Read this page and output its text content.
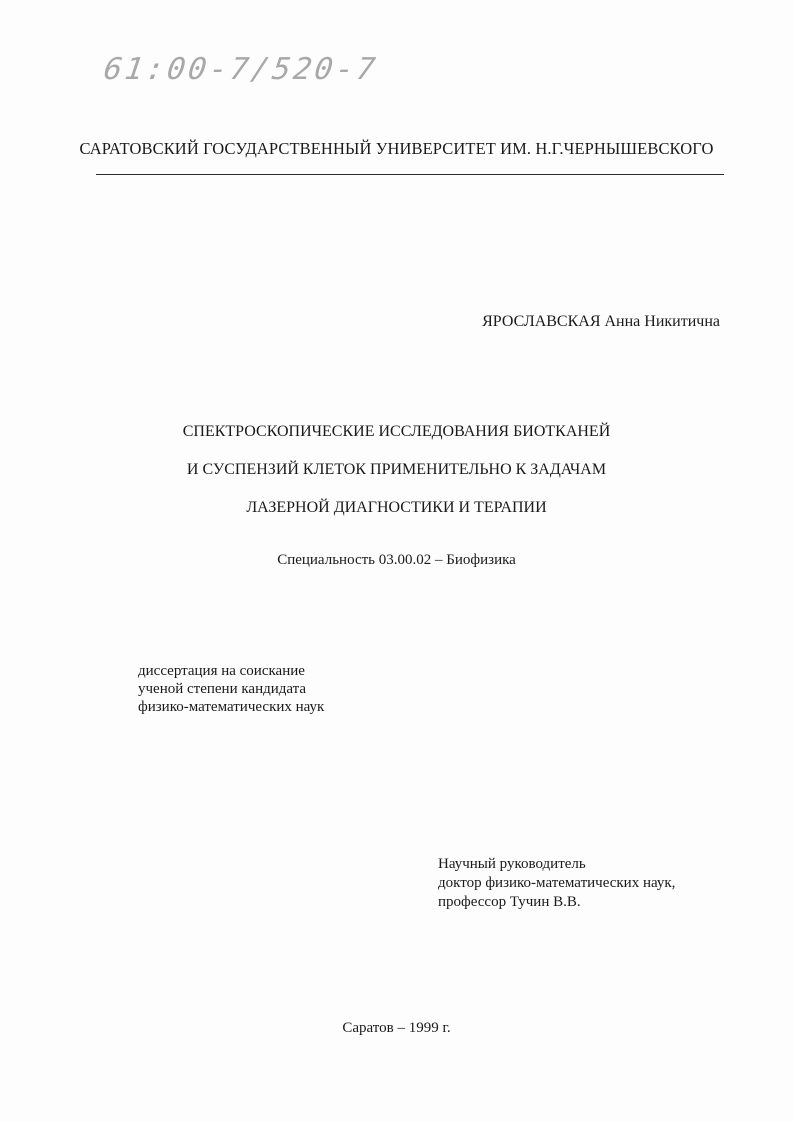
61:00-7/520-7
САРАТОВСКИЙ ГОСУДАРСТВЕННЫЙ УНИВЕРСИТЕТ ИМ. Н.Г.ЧЕРНЫШЕВСКОГО
ЯРОСЛАВСКАЯ Анна Никитична
СПЕКТРОСКОПИЧЕСКИЕ ИССЛЕДОВАНИЯ БИОТКАНЕЙ
И СУСПЕНЗИЙ КЛЕТОК ПРИМЕНИТЕЛЬНО К ЗАДАЧАМ
ЛАЗЕРНОЙ ДИАГНОСТИКИ И ТЕРАПИИ
Специальность 03.00.02 – Биофизика
диссертация на соискание
ученой степени кандидата
физико-математических наук
Научный руководитель
доктор физико-математических наук,
профессор Тучин В.В.
Саратов – 1999 г.
